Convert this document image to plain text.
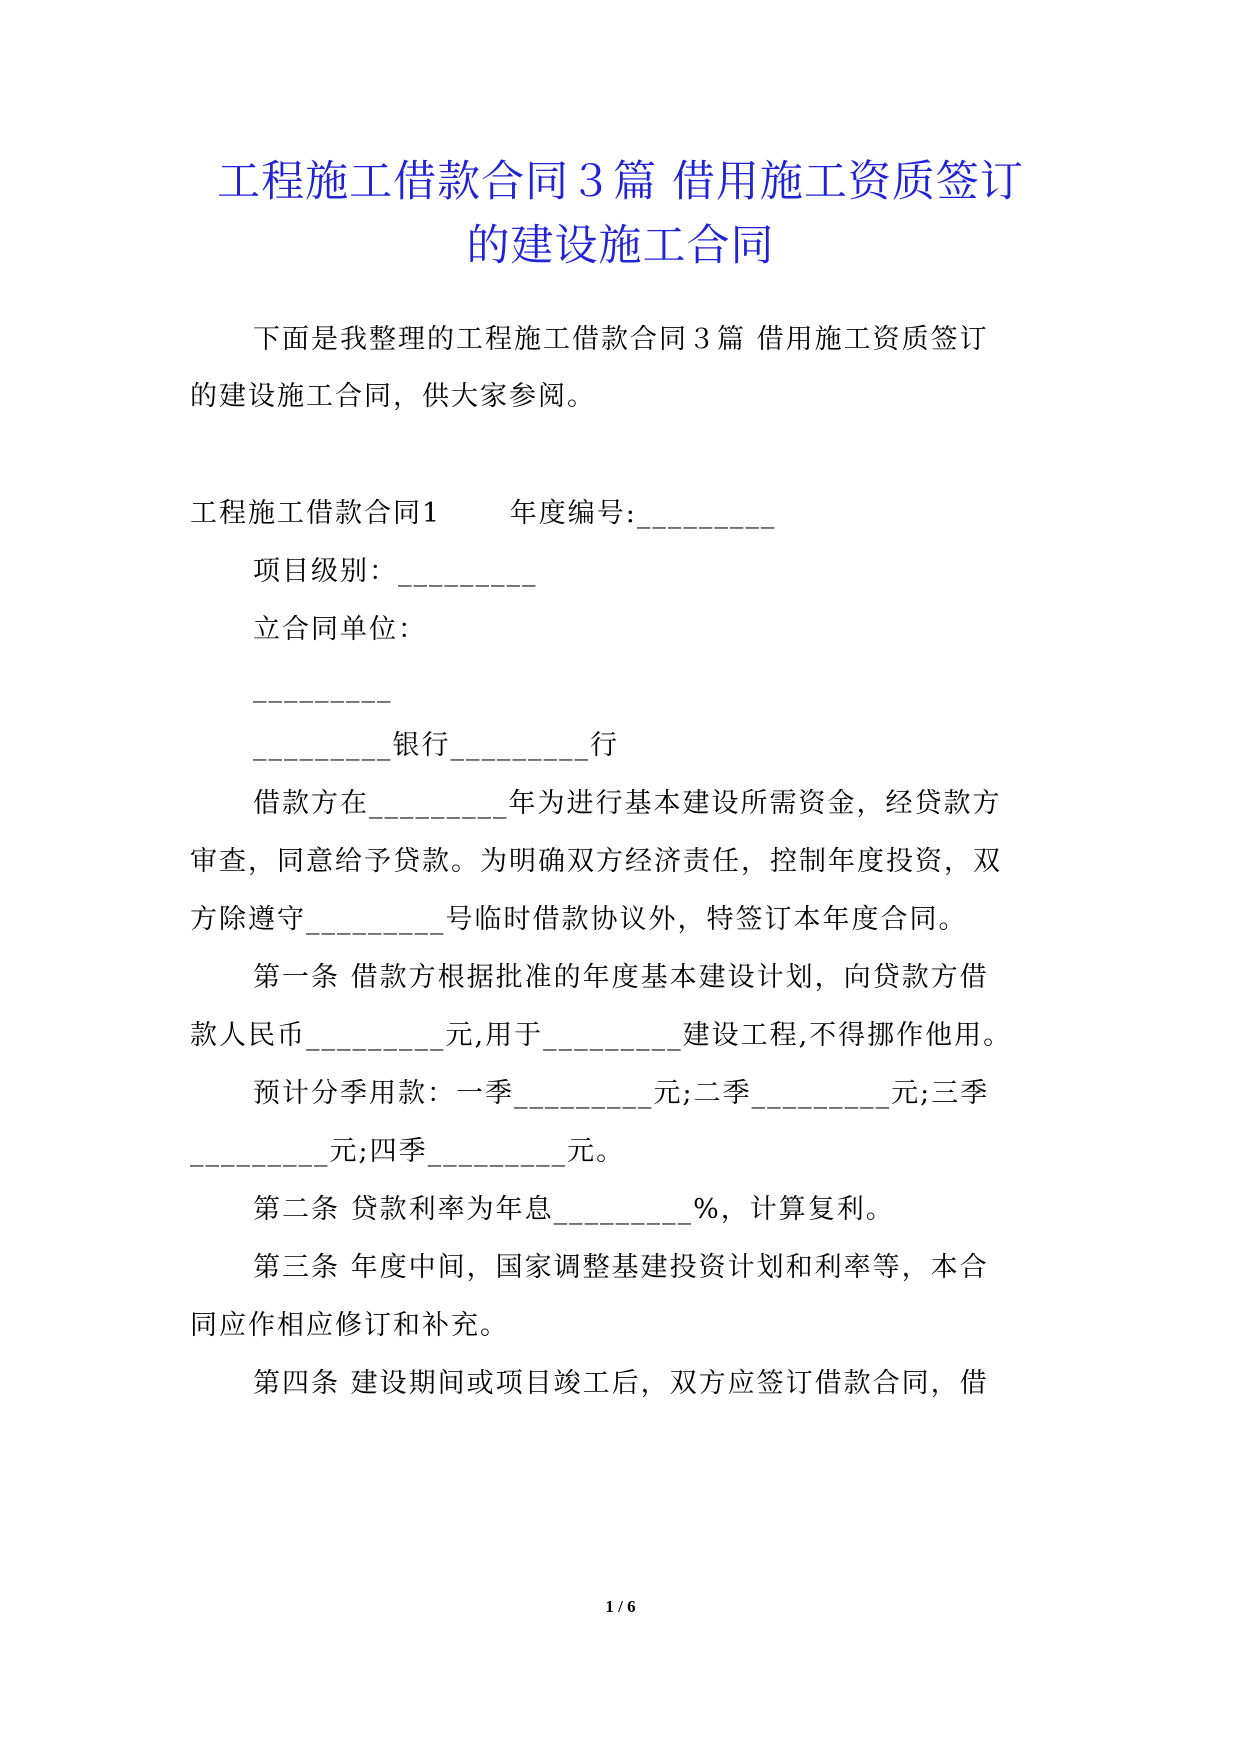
工程施工借款合同３篇 借用施工资质签订
的建设施工合同
下面是我整理的工程施工借款合同３篇 借用施工资质签订
的建设施工合同，供大家参阅。
工程施工借款合同1　　 年度编号:_________
项目级别：_________
立合同单位：
_________
_________银行_________行
借款方在_________年为进行基本建设所需资金，经贷款方
审查，同意给予贷款。为明确双方经济责任，控制年度投资，双
方除遵守_________号临时借款协议外，特签订本年度合同。
第一条 借款方根据批准的年度基本建设计划，向贷款方借
款人民币_________元,用于_________建设工程,不得挪作他用。
预计分季用款：一季_________元;二季_________元;三季
_________元;四季_________元。
第二条 贷款利率为年息_________%，计算复利。
第三条 年度中间，国家调整基建投资计划和利率等，本合
同应作相应修订和补充。
第四条 建设期间或项目竣工后，双方应签订借款合同，借
1 / 6
